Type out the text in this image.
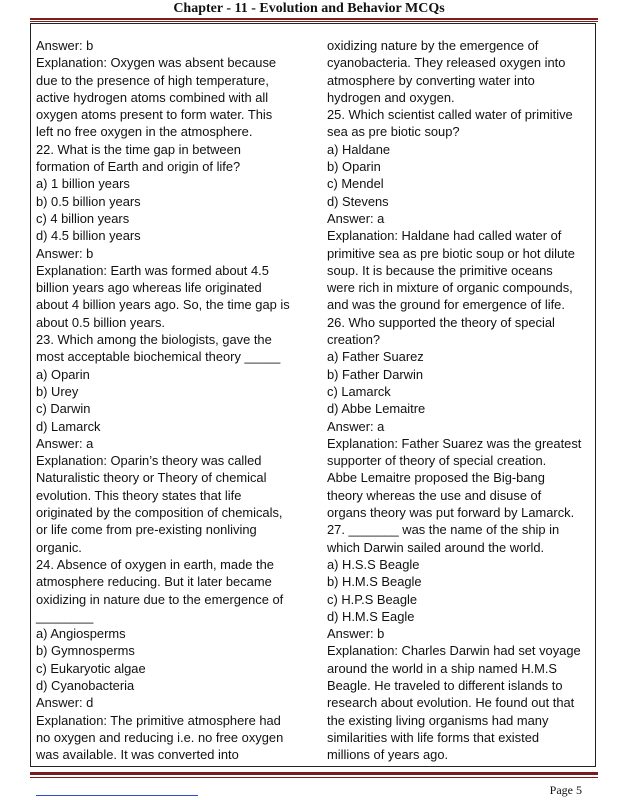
Chapter - 11 - Evolution and Behavior MCQs
Answer: b
Explanation: Oxygen was absent because
due to the presence of high temperature,
active hydrogen atoms combined with all
oxygen atoms present to form water. This
left no free oxygen in the atmosphere.
22. What is the time gap in between
formation of Earth and origin of life?
a) 1 billion years
b) 0.5 billion years
c) 4 billion years
d) 4.5 billion years
Answer: b
Explanation: Earth was formed about 4.5
billion years ago whereas life originated
about 4 billion years ago. So, the time gap is
about 0.5 billion years.
23. Which among the biologists, gave the
most acceptable biochemical theory _____
a) Oparin
b) Urey
c) Darwin
d) Lamarck
Answer: a
Explanation: Oparin’s theory was called
Naturalistic theory or Theory of chemical
evolution. This theory states that life
originated by the composition of chemicals,
or life come from pre-existing nonliving
organic.
24. Absence of oxygen in earth, made the
atmosphere reducing. But it later became
oxidizing in nature due to the emergence of
________
a) Angiosperms
b) Gymnosperms
c) Eukaryotic algae
d) Cyanobacteria
Answer: d
Explanation: The primitive atmosphere had
no oxygen and reducing i.e. no free oxygen
was available. It was converted into
oxidizing nature by the emergence of
cyanobacteria. They released oxygen into
atmosphere by converting water into
hydrogen and oxygen.
25. Which scientist called water of primitive
sea as pre biotic soup?
a) Haldane
b) Oparin
c) Mendel
d) Stevens
Answer: a
Explanation: Haldane had called water of
primitive sea as pre biotic soup or hot dilute
soup. It is because the primitive oceans
were rich in mixture of organic compounds,
and was the ground for emergence of life.
26. Who supported the theory of special
creation?
a) Father Suarez
b) Father Darwin
c) Lamarck
d) Abbe Lemaitre
Answer: a
Explanation: Father Suarez was the greatest
supporter of theory of special creation.
Abbe Lemaitre proposed the Big-bang
theory whereas the use and disuse of
organs theory was put forward by Lamarck.
27. _______ was the name of the ship in
which Darwin sailed around the world.
a) H.S.S Beagle
b) H.M.S Beagle
c) H.P.S Beagle
d) H.M.S Eagle
Answer: b
Explanation: Charles Darwin had set voyage
around the world in a ship named H.M.S
Beagle. He traveled to different islands to
research about evolution. He found out that
the existing living organisms had many
similarities with life forms that existed
millions of years ago.
Page 5
